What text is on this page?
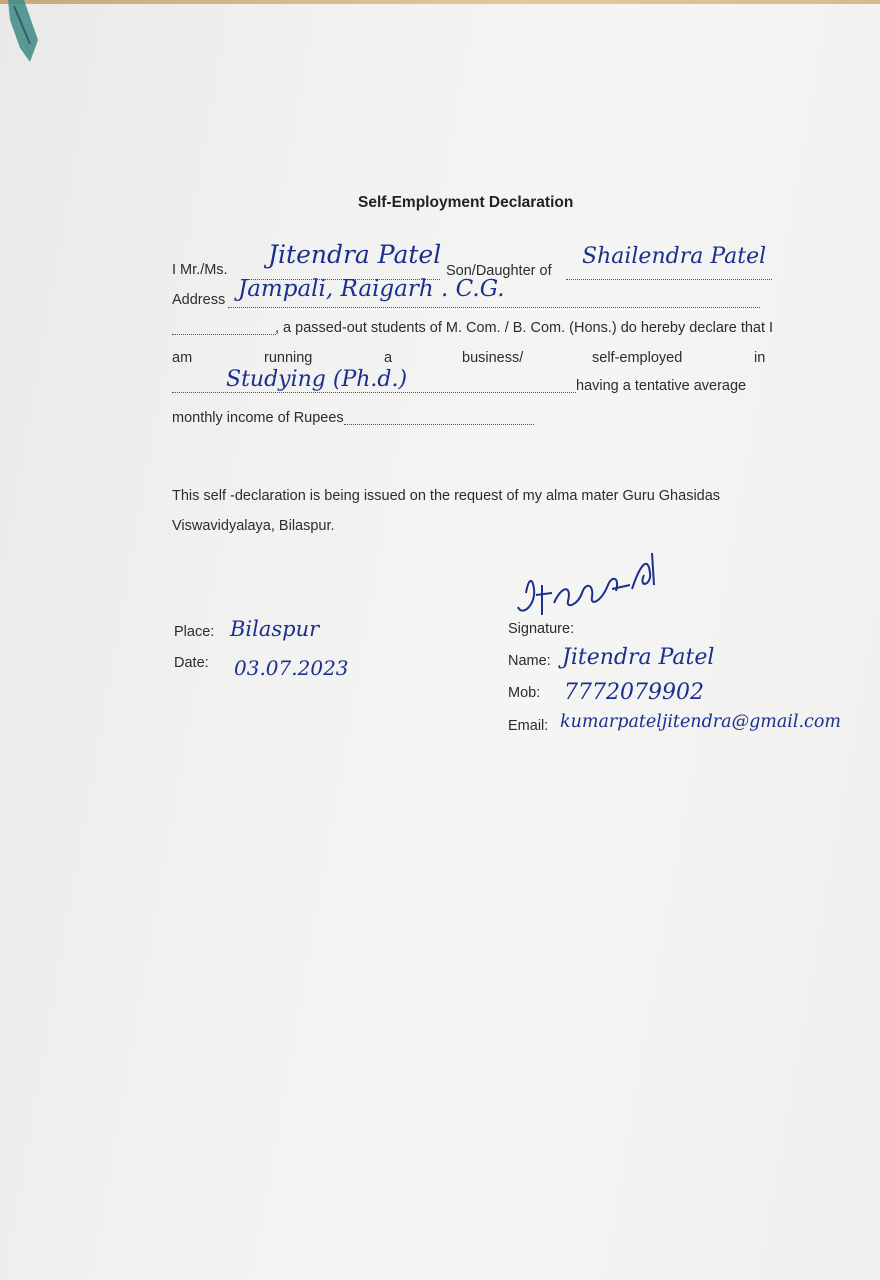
Self-Employment Declaration
I Mr./Ms.
Jitendra Patel
Son/Daughter of
Shailendra Patel
Address Jampali, Raigarh . C.G.
, a passed-out students of M. Com. / B. Com. (Hons.) do hereby declare that I
am	running	a	business/	self-employed	in
Studying (Ph.d.)	having a tentative average
monthly income of Rupees
This self -declaration is being issued on the request of my alma mater Guru Ghasidas
Viswavidyalaya, Bilaspur.
Place: Bilaspur
Date: 03.07.2023
Signature:
Name: Jitendra Patel
Mob: 7772079902
Email: kumarpateljitendra@gmail.com
